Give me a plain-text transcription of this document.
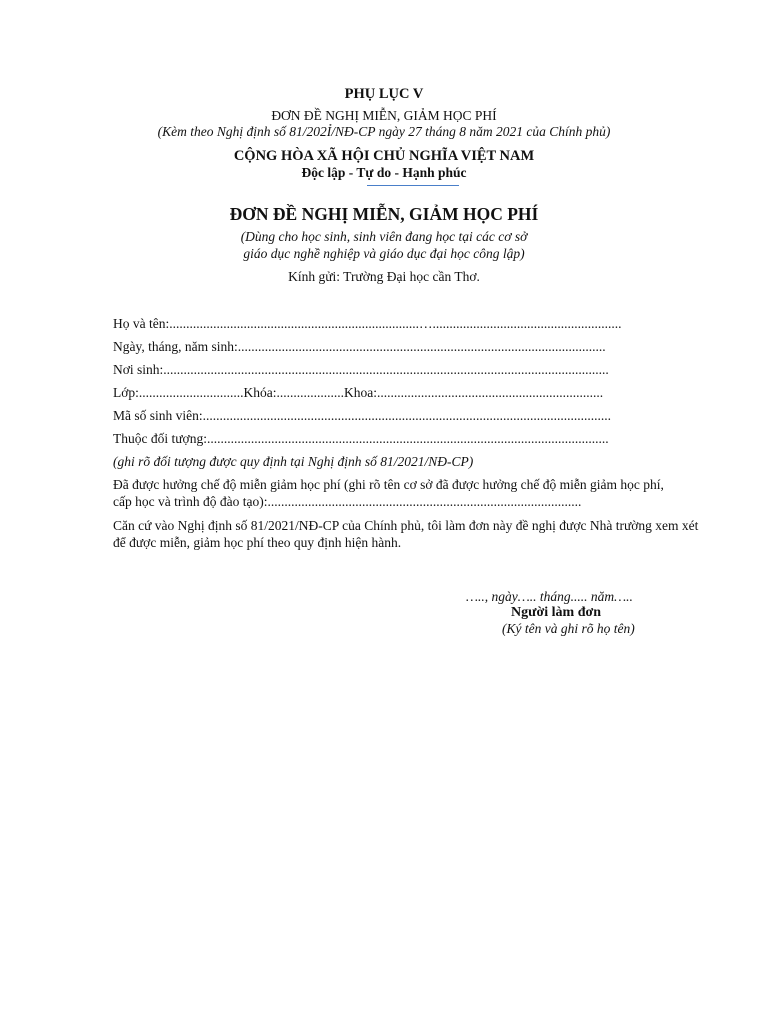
PHỤ LỤC V
ĐƠN ĐỀ NGHỊ MIỄN, GIẢM HỌC PHÍ
(Kèm theo Nghị định số 81/202Ỉ/NĐ-CP ngày 27 tháng 8 năm 2021 của Chính phủ)
CỘNG HÒA XÃ HỘI CHỦ NGHĨA VIỆT NAM
Độc lập - Tự do - Hạnh phúc
ĐƠN ĐỀ NGHỊ MIỄN, GIẢM HỌC PHÍ
(Dùng cho học sinh, sinh viên đang học tại các cơ sở
giáo dục nghề nghiệp và giáo dục đại học công lập)
Kính gửi: Trường Đại học cần Thơ.
Họ và tên:..........................................................................…........................................................
Ngày, tháng, năm sinh:.............................................................................................................
Nơi sinh:....................................................................................................................................
Lớp:...............................Khóa:....................Khoa:...................................................................
Mã số sinh viên:.........................................................................................................................
Thuộc đối tượng:.......................................................................................................................
(ghi rõ đối tượng được quy định tại Nghị định số 81/2021/NĐ-CP)
Đã được hưởng chế độ miễn giảm học phí (ghi rõ tên cơ sở đã được hưởng chế độ miễn giảm học phí,
cấp học và trình độ đào tạo):.............................................................................................
Căn cứ vào Nghị định số 81/2021/NĐ-CP của Chính phủ, tôi làm đơn này đề nghị được Nhà trường xem xét để được miễn, giảm học phí theo quy định hiện hành.
….., ngày….. tháng..... năm…..
Người làm đơn
(Ký tên và ghi rõ họ tên)
